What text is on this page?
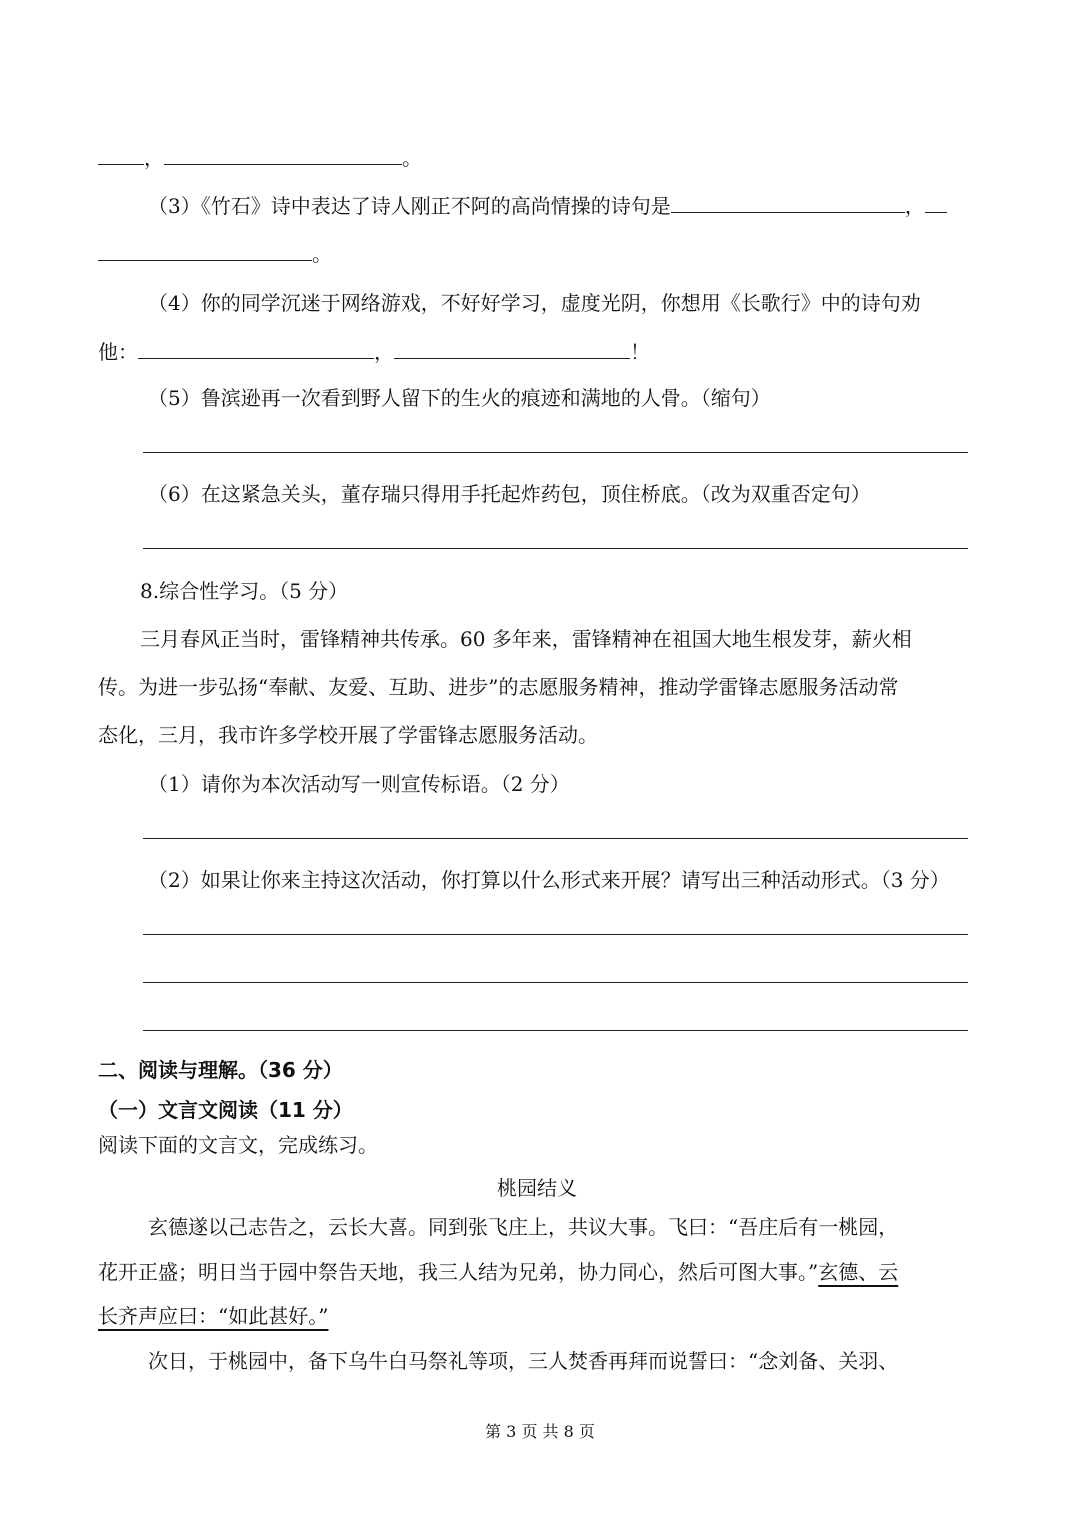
，	。
（3）《竹石》诗中表达了诗人刚正不阿的高尚情操的诗句是	，
。
（4）你的同学沉迷于网络游戏，不好好学习，虚度光阴，你想用《长歌行》中的诗句劝
他：	，	！
（5）鲁滨逊再一次看到野人留下的生火的痕迹和满地的人骨。（缩句）
（6）在这紧急关头，董存瑞只得用手托起炸药包，顶住桥底。（改为双重否定句）
8.综合性学习。（5 分）
三月春风正当时，雷锋精神共传承。60 多年来，雷锋精神在祖国大地生根发芽，薪火相
传。为进一步弘扬“奉献、友爱、互助、进步”的志愿服务精神，推动学雷锋志愿服务活动常
态化，三月，我市许多学校开展了学雷锋志愿服务活动。
（1）请你为本次活动写一则宣传标语。（2 分）
（2）如果让你来主持这次活动，你打算以什么形式来开展？请写出三种活动形式。（3 分）
二、阅读与理解。（36 分）
（一）文言文阅读（11 分）
阅读下面的文言文，完成练习。
桃园结义
玄德遂以己志告之，云长大喜。同到张飞庄上，共议大事。飞曰：“吾庄后有一桃园，
花开正盛；明日当于园中祭告天地，我三人结为兄弟，协力同心，然后可图大事。”玄德、云
长齐声应曰：“如此甚好。”
次日，于桃园中，备下乌牛白马祭礼等项，三人焚香再拜而说誓曰：“念刘备、关羽、
第 3 页 共 8 页
